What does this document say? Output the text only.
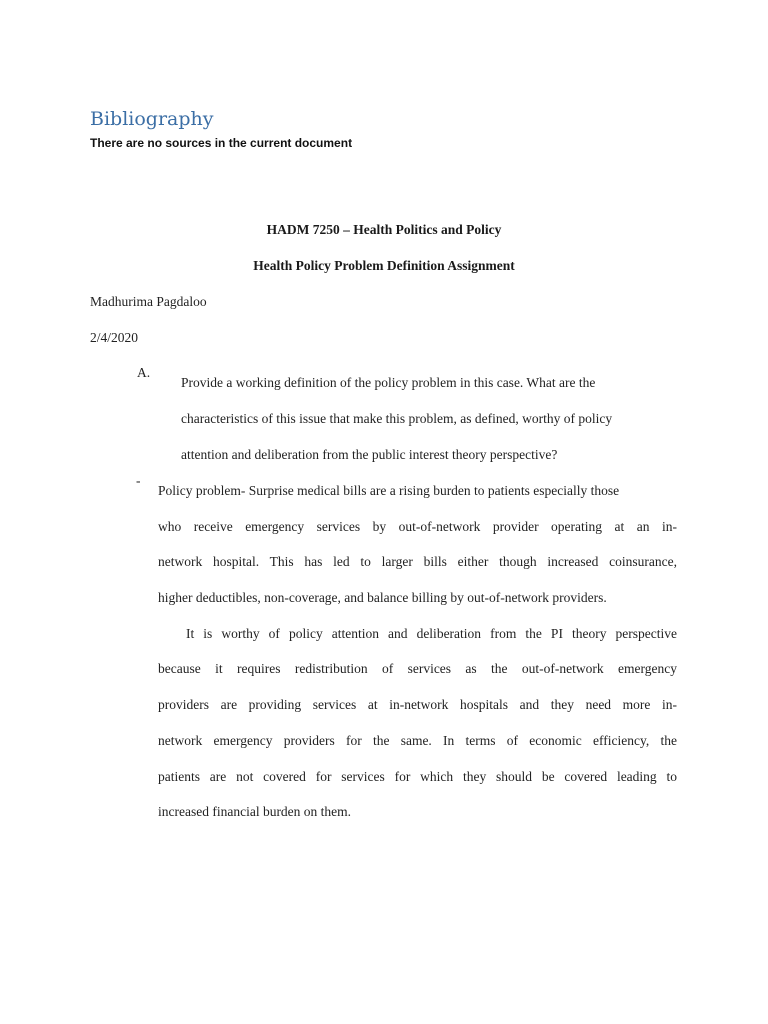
Bibliography
There are no sources in the current document
HADM 7250 – Health Politics and Policy
Health Policy Problem Definition Assignment
Madhurima Pagdaloo
2/4/2020
A.
Provide a working definition of the policy problem in this case. What are the
characteristics of this issue that make this problem, as defined, worthy of policy
attention and deliberation from the public interest theory perspective?
-
Policy problem- Surprise medical bills are a rising burden to patients especially those
who receive emergency services by out-of-network provider operating at an in-
network hospital. This has led to larger bills either though increased coinsurance,
higher deductibles, non-coverage, and balance billing by out-of-network providers.
It is worthy of policy attention and deliberation from the PI theory perspective
because it requires redistribution of services as the out-of-network emergency
providers are providing services at in-network hospitals and they need more in-
network emergency providers for the same. In terms of economic efficiency, the
patients are not covered for services for which they should be covered leading to
increased financial burden on them.
